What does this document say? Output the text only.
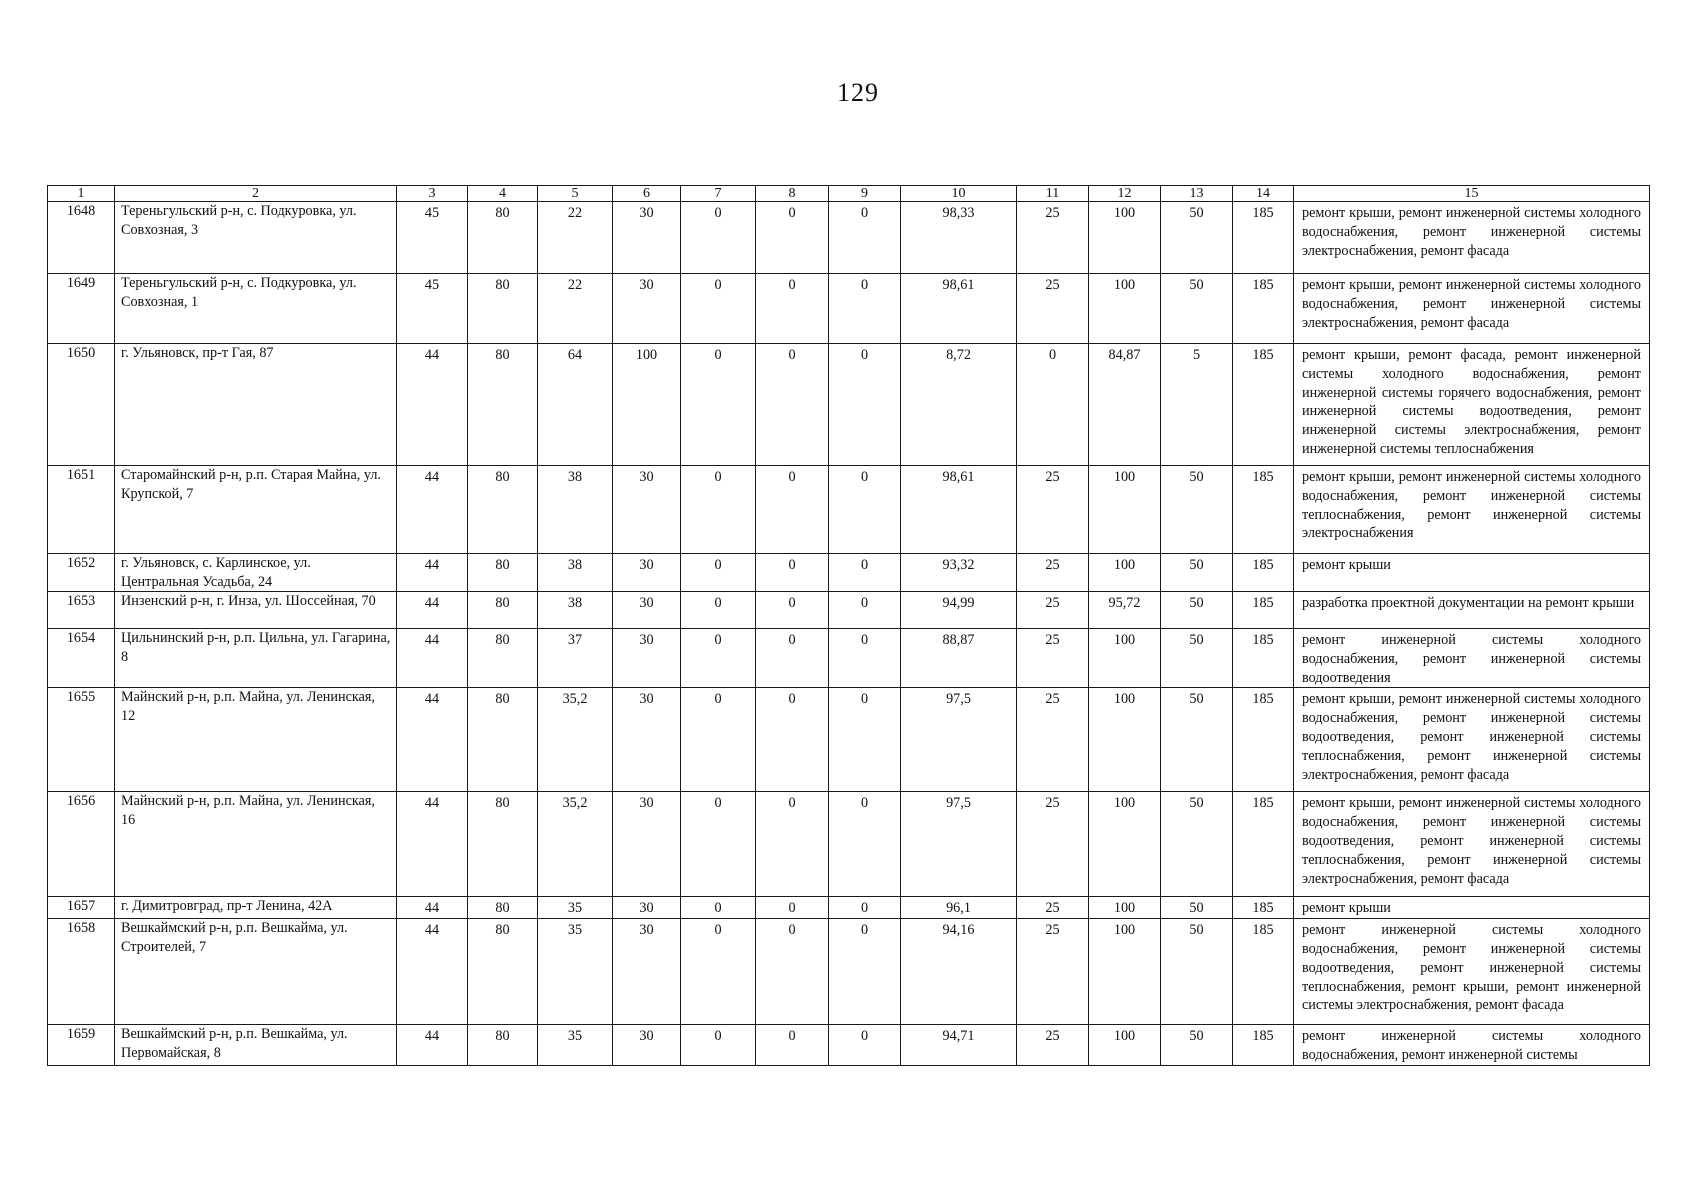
129
1	2	3	4	5	6	7	8	9	10	11	12	13	14	15
1648	Тереньгульский р-н, с. Подкуровка, ул. Совхозная, 3	45	80	22	30	0	0	0	98,33	25	100	50	185	ремонт крыши, ремонт инженерной системы холодного водоснабжения, ремонт инженерной системы электроснабжения, ремонт фасада
1649	Тереньгульский р-н, с. Подкуровка, ул. Совхозная, 1	45	80	22	30	0	0	0	98,61	25	100	50	185	ремонт крыши, ремонт инженерной системы холодного водоснабжения, ремонт инженерной системы электроснабжения, ремонт фасада
1650	г. Ульяновск, пр-т Гая, 87	44	80	64	100	0	0	0	8,72	0	84,87	5	185	ремонт крыши, ремонт фасада, ремонт инженерной системы холодного водоснабжения, ремонт инженерной системы горячего водоснабжения, ремонт инженерной системы водоотведения, ремонт инженерной системы электроснабжения, ремонт инженерной системы теплоснабжения
1651	Старомайнский р-н, р.п. Старая Майна, ул. Крупской, 7	44	80	38	30	0	0	0	98,61	25	100	50	185	ремонт крыши, ремонт инженерной системы холодного водоснабжения, ремонт инженерной системы теплоснабжения, ремонт инженерной системы электроснабжения
1652	г. Ульяновск, с. Карлинское, ул. Центральная Усадьба, 24	44	80	38	30	0	0	0	93,32	25	100	50	185	ремонт крыши
1653	Инзенский р-н, г. Инза, ул. Шоссейная, 70	44	80	38	30	0	0	0	94,99	25	95,72	50	185	разработка проектной документации на ремонт крыши
1654	Цильнинский р-н, р.п. Цильна, ул. Гагарина, 8	44	80	37	30	0	0	0	88,87	25	100	50	185	ремонт инженерной системы холодного водоснабжения, ремонт инженерной системы водоотведения
1655	Майнский р-н, р.п. Майна, ул. Ленинская, 12	44	80	35,2	30	0	0	0	97,5	25	100	50	185	ремонт крыши, ремонт инженерной системы холодного водоснабжения, ремонт инженерной системы водоотведения, ремонт инженерной системы теплоснабжения, ремонт инженерной системы электроснабжения, ремонт фасада
1656	Майнский р-н, р.п. Майна, ул. Ленинская, 16	44	80	35,2	30	0	0	0	97,5	25	100	50	185	ремонт крыши, ремонт инженерной системы холодного водоснабжения, ремонт инженерной системы водоотведения, ремонт инженерной системы теплоснабжения, ремонт инженерной системы электроснабжения, ремонт фасада
1657	г. Димитровград, пр-т Ленина, 42А	44	80	35	30	0	0	0	96,1	25	100	50	185	ремонт крыши
1658	Вешкаймский р-н, р.п. Вешкайма, ул. Строителей, 7	44	80	35	30	0	0	0	94,16	25	100	50	185	ремонт инженерной системы холодного водоснабжения, ремонт инженерной системы водоотведения, ремонт инженерной системы теплоснабжения, ремонт крыши, ремонт инженерной системы электроснабжения, ремонт фасада
1659	Вешкаймский р-н, р.п. Вешкайма, ул. Первомайская, 8	44	80	35	30	0	0	0	94,71	25	100	50	185	ремонт инженерной системы холодного водоснабжения, ремонт инженерной системы
